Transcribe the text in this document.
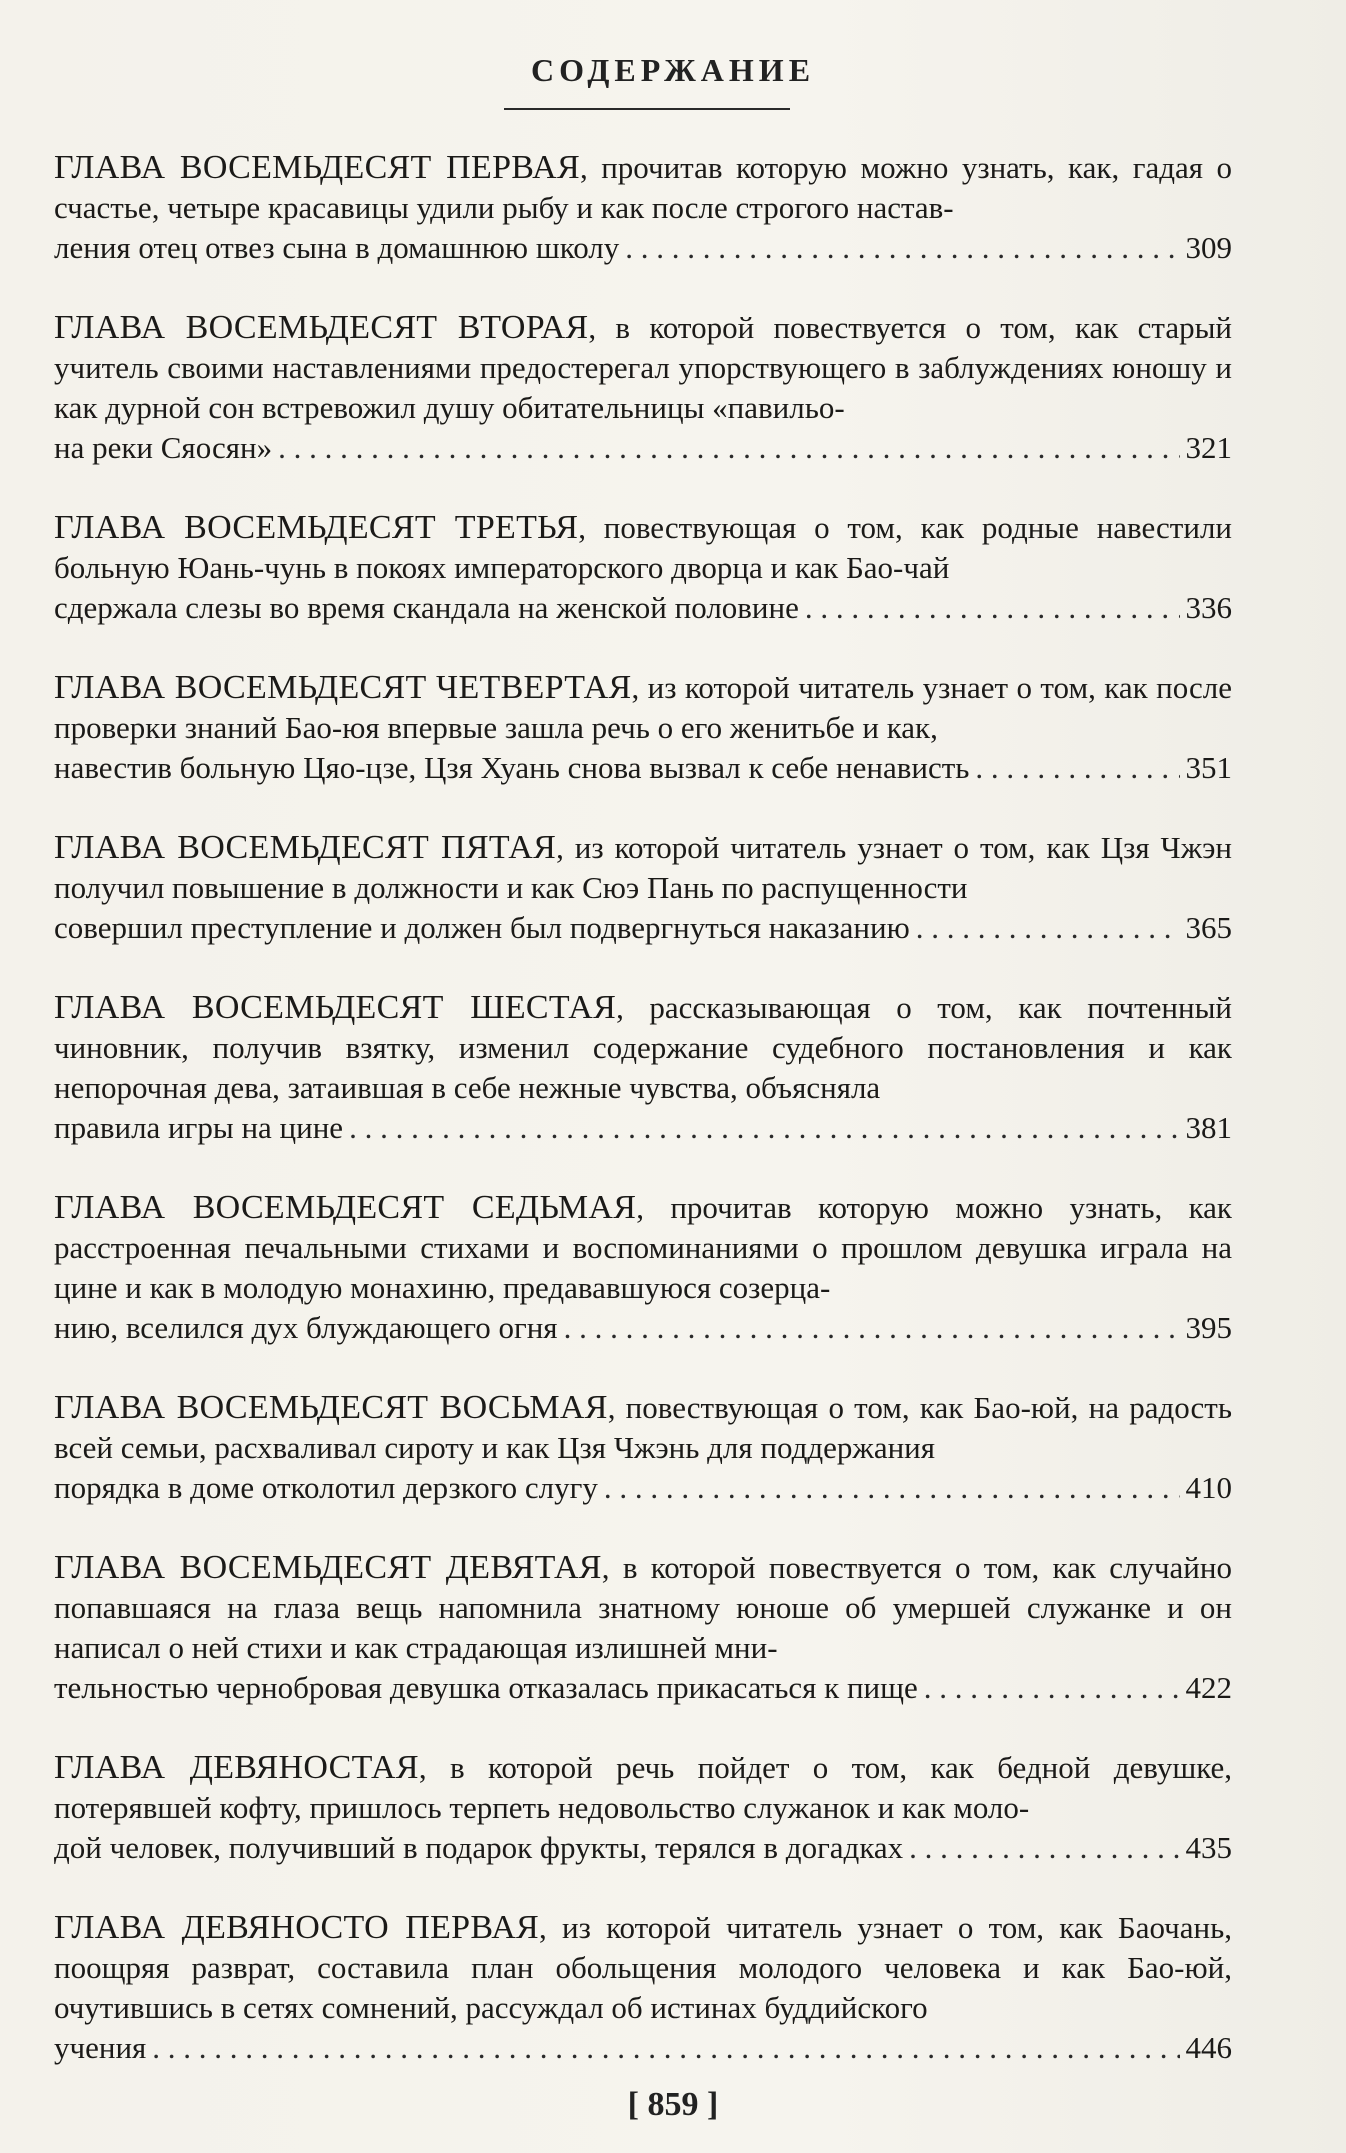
СОДЕРЖАНИЕ
ГЛАВА ВОСЕМЬДЕСЯТ ПЕРВАЯ, прочитав которую можно узнать, как, гадая о счастье, четыре красавицы удили рыбу и как после строгого настав-
ления отец отвез сына в домашнюю школу . . .	309
ГЛАВА ВОСЕМЬДЕСЯТ ВТОРАЯ, в которой повествуется о том, как старый учитель своими наставлениями предостерегал упорствующего в заблуждениях юношу и как дурной сон встревожил душу обитательницы «павильо-
на реки Сяосян» . . .	321
ГЛАВА ВОСЕМЬДЕСЯТ ТРЕТЬЯ, повествующая о том, как родные навестили больную Юань-чунь в покоях императорского дворца и как Бао-чай
сдержала слезы во время скандала на женской половине . . .	336
ГЛАВА ВОСЕМЬДЕСЯТ ЧЕТВЕРТАЯ, из которой читатель узнает о том, как после проверки знаний Бао-юя впервые зашла речь о его женитьбе и как,
навестив больную Цяо-цзе, Цзя Хуань снова вызвал к себе ненависть . . .	351
ГЛАВА ВОСЕМЬДЕСЯТ ПЯТАЯ, из которой читатель узнает о том, как Цзя Чжэн получил повышение в должности и как Сюэ Пань по распущенности
совершил преступление и должен был подвергнуться наказанию . . .	365
ГЛАВА ВОСЕМЬДЕСЯТ ШЕСТАЯ, рассказывающая о том, как почтенный чиновник, получив взятку, изменил содержание судебного постановления и как непорочная дева, затаившая в себе нежные чувства, объясняла
правила игры на цине . . .	381
ГЛАВА ВОСЕМЬДЕСЯТ СЕДЬМАЯ, прочитав которую можно узнать, как расстроенная печальными стихами и воспоминаниями о прошлом девушка играла на цине и как в молодую монахиню, предававшуюся созерца-
нию, вселился дух блуждающего огня . . .	395
ГЛАВА ВОСЕМЬДЕСЯТ ВОСЬМАЯ, повествующая о том, как Бао-юй, на радость всей семьи, расхваливал сироту и как Цзя Чжэнь для поддержания
порядка в доме отколотил дерзкого слугу . . .	410
ГЛАВА ВОСЕМЬДЕСЯТ ДЕВЯТАЯ, в которой повествуется о том, как случайно попавшаяся на глаза вещь напомнила знатному юноше об умершей служанке и он написал о ней стихи и как страдающая излишней мни-
тельностью чернобровая девушка отказалась прикасаться к пище . . .	422
ГЛАВА ДЕВЯНОСТАЯ, в которой речь пойдет о том, как бедной девушке, потерявшей кофту, пришлось терпеть недовольство служанок и как моло-
дой человек, получивший в подарок фрукты, терялся в догадках . . .	435
ГЛАВА ДЕВЯНОСТО ПЕРВАЯ, из которой читатель узнает о том, как Баочань, поощряя разврат, составила план обольщения молодого человека и как Бао-юй, очутившись в сетях сомнений, рассуждал об истинах буддийского
учения . . .	446
[ 859 ]
